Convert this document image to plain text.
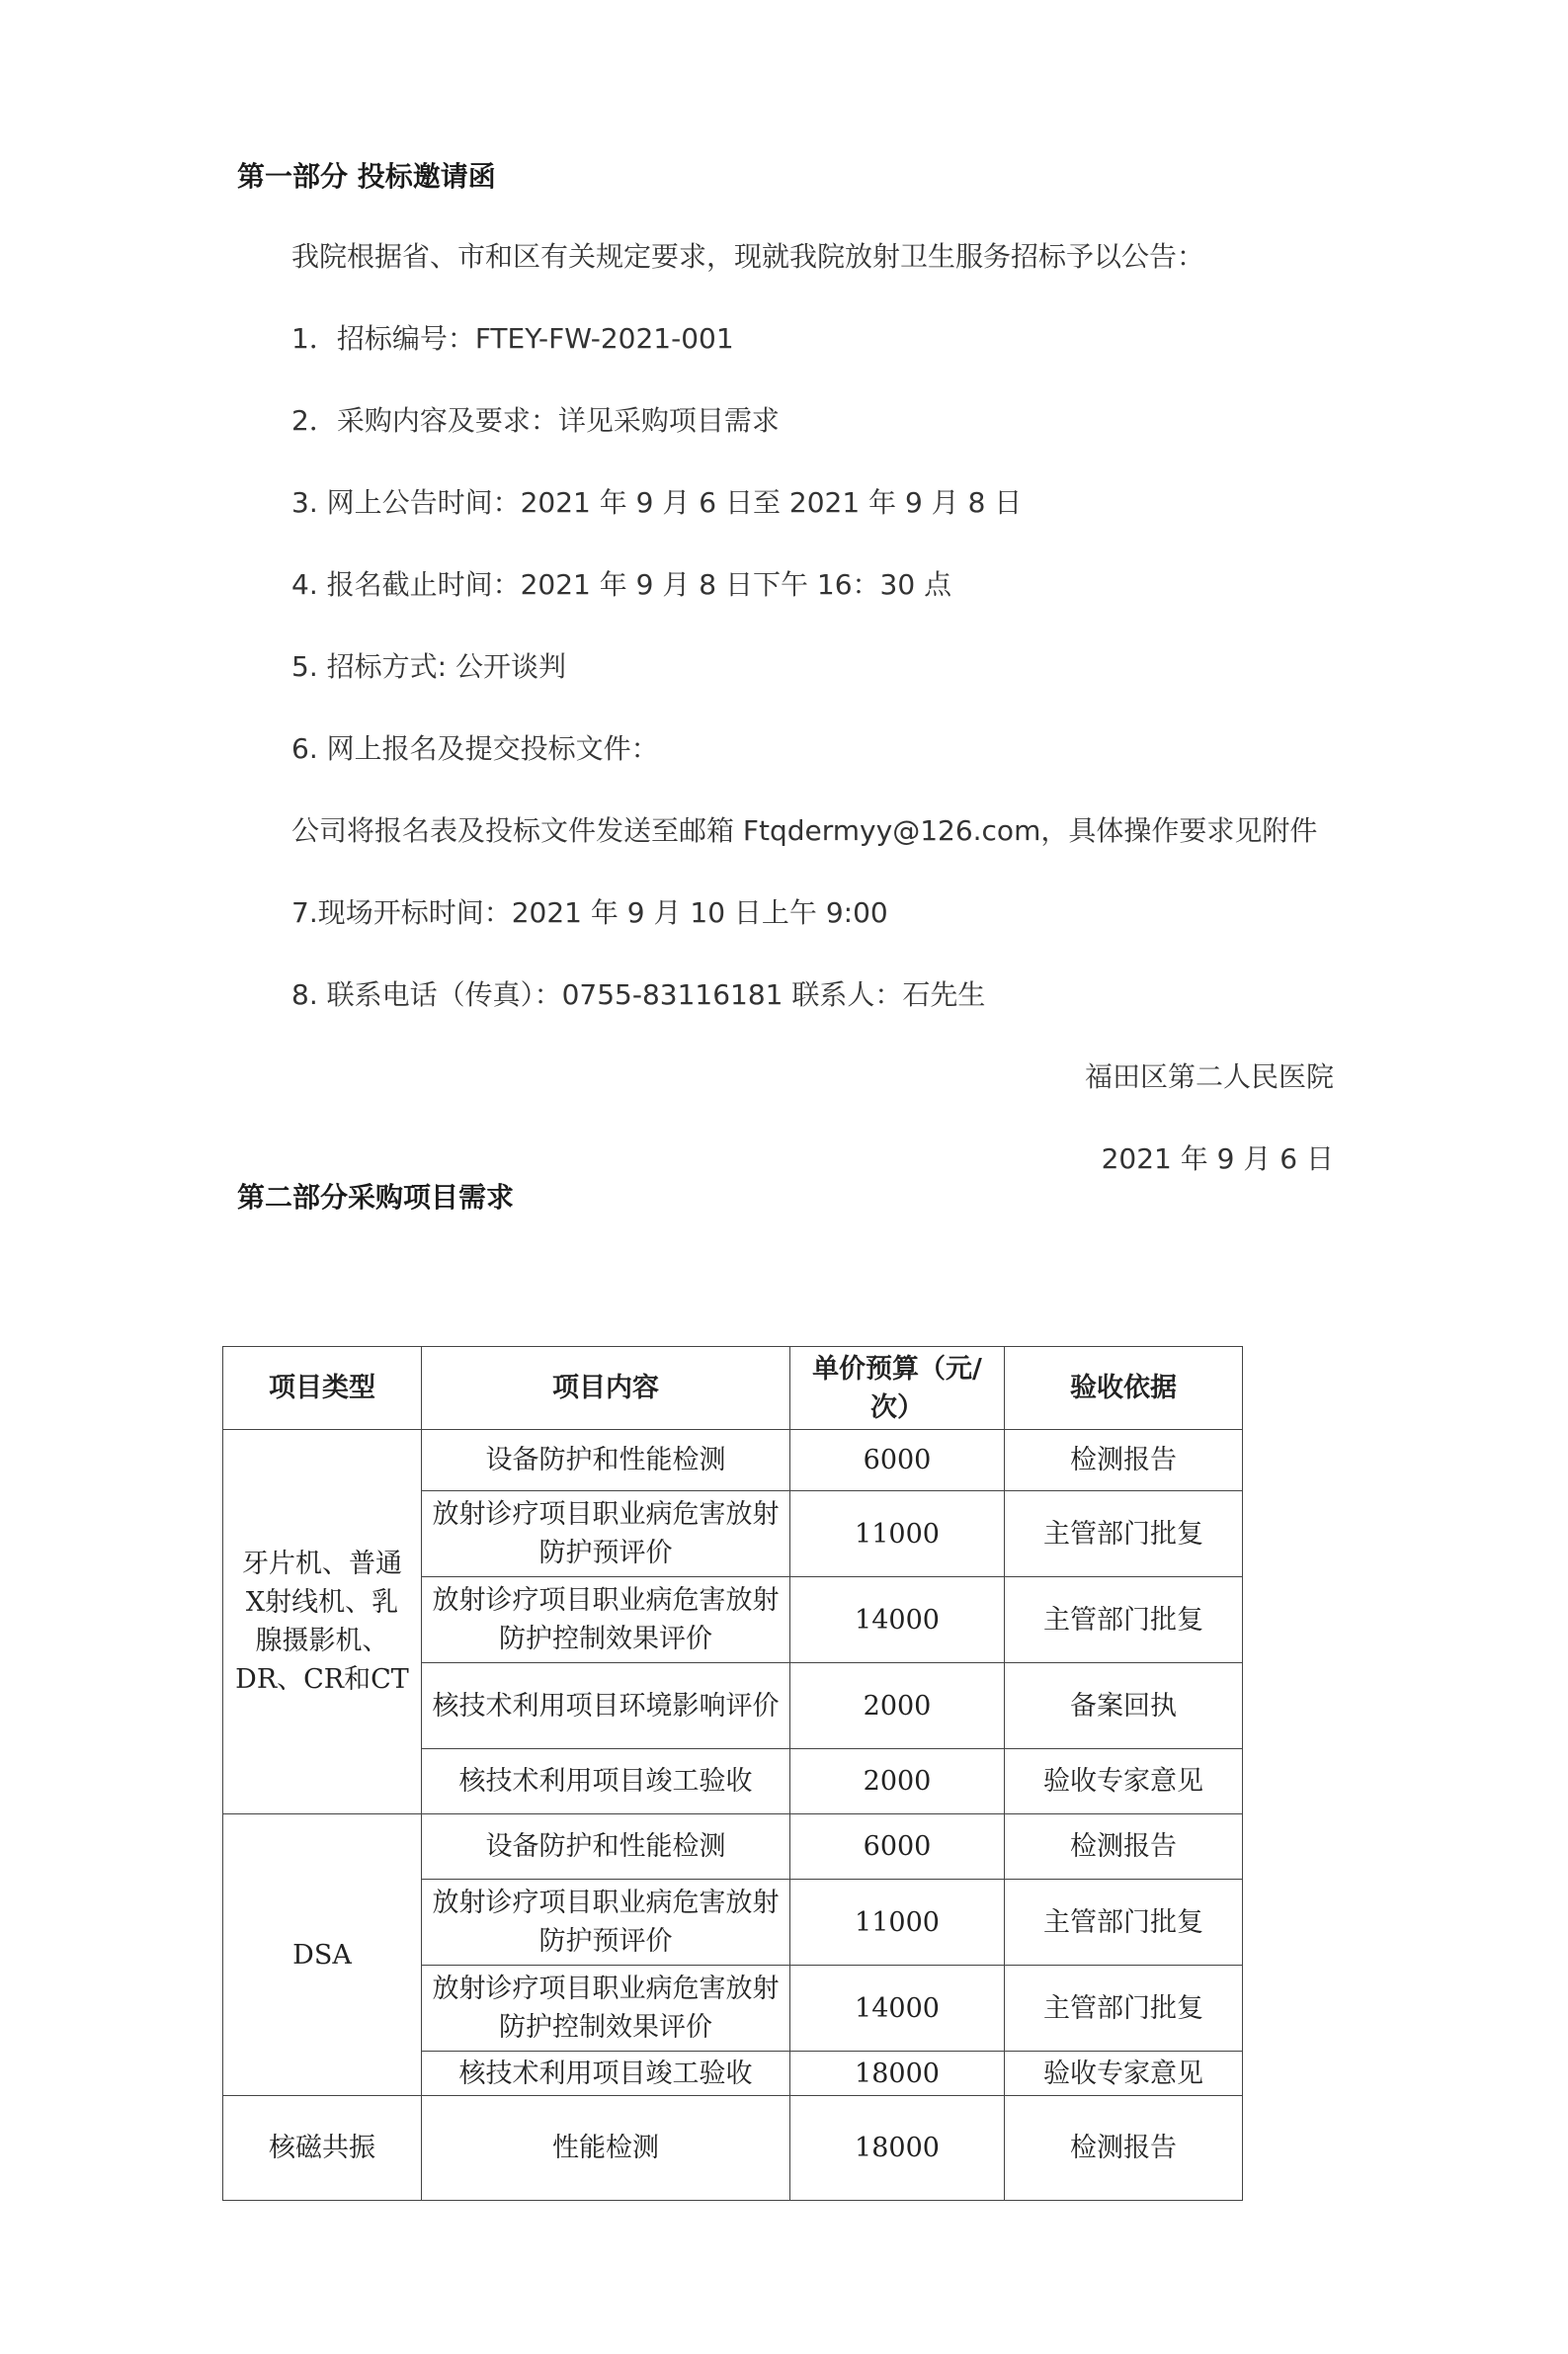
第一部分 投标邀请函

我院根据省、市和区有关规定要求，现就我院放射卫生服务招标予以公告：

1．招标编号：FTEY-FW-2021-001

2．采购内容及要求：详见采购项目需求

3. 网上公告时间：2021 年 9 月 6 日至 2021 年 9 月 8 日

4. 报名截止时间：2021 年 9 月 8 日下午 16：30 点

5. 招标方式: 公开谈判

6. 网上报名及提交投标文件：

公司将报名表及投标文件发送至邮箱 Ftqdermyy@126.com，具体操作要求见附件

7.现场开标时间：2021 年 9 月 10 日上午 9:00

8. 联系电话（传真）：0755-83116181 联系人：石先生

福田区第二人民医院

2021 年 9 月 6 日

第二部分采购项目需求
项目类型	项目内容	单价预算（元/次）	验收依据
牙片机、普通X射线机、乳腺摄影机、DR、CR和CT	设备防护和性能检测	6000	检测报告
	放射诊疗项目职业病危害放射防护预评价	11000	主管部门批复
	放射诊疗项目职业病危害放射防护控制效果评价	14000	主管部门批复
	核技术利用项目环境影响评价	2000	备案回执
	核技术利用项目竣工验收	2000	验收专家意见
DSA	设备防护和性能检测	6000	检测报告
	放射诊疗项目职业病危害放射防护预评价	11000	主管部门批复
	放射诊疗项目职业病危害放射防护控制效果评价	14000	主管部门批复
	核技术利用项目竣工验收	18000	验收专家意见
核磁共振	性能检测	18000	检测报告
